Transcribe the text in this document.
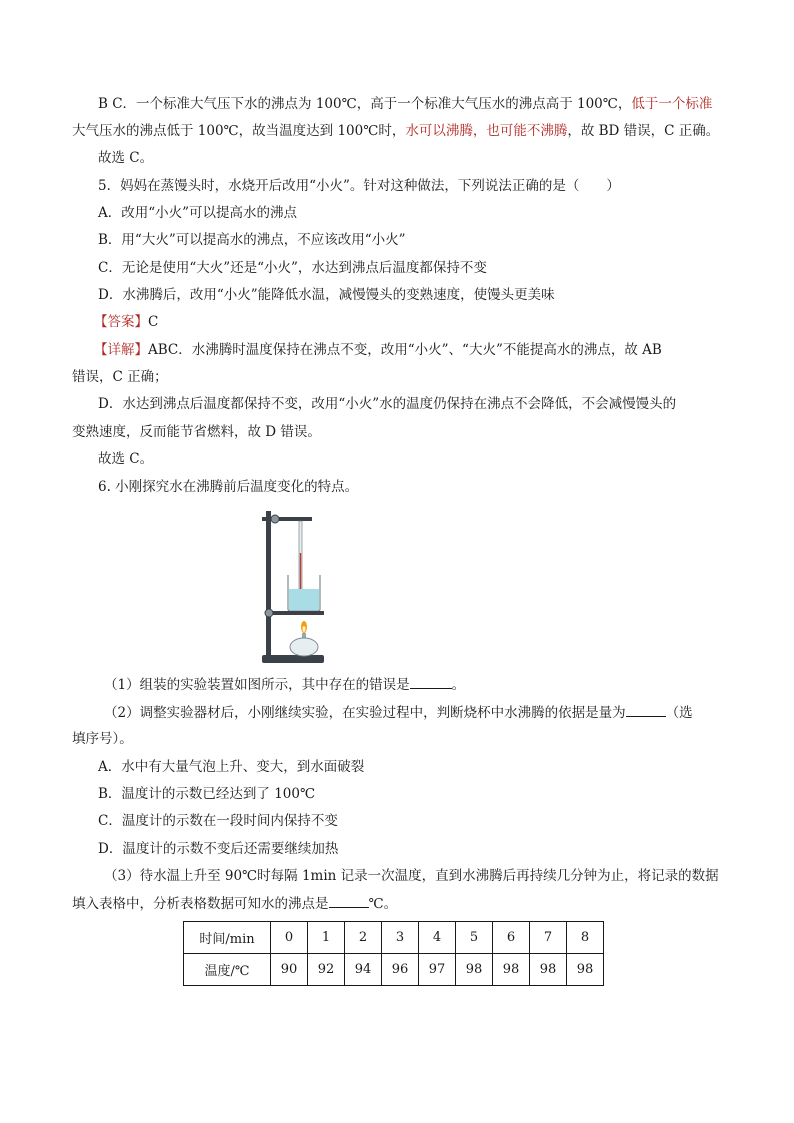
B C．一个标准大气压下水的沸点为 100℃，高于一个标准大气压水的沸点高于 100℃，低于一个标准
大气压水的沸点低于 100℃，故当温度达到 100℃时，水可以沸腾，也可能不沸腾，故 BD 错误，C 正确。
故选 C。
5．妈妈在蒸馒头时，水烧开后改用“小火”。针对这种做法，下列说法正确的是（　　）
A．改用“小火”可以提高水的沸点
B．用“大火”可以提高水的沸点，不应该改用“小火”
C．无论是使用“大火”还是“小火”，水达到沸点后温度都保持不变
D．水沸腾后，改用“小火”能降低水温，减慢馒头的变熟速度，使馒头更美味
【答案】C
【详解】ABC．水沸腾时温度保持在沸点不变，改用“小火”、“大火”不能提高水的沸点，故 AB
错误，C 正确；
D．水达到沸点后温度都保持不变，改用“小火”水的温度仍保持在沸点不会降低，不会减慢馒头的
变熟速度，反而能节省燃料，故 D 错误。
故选 C。
6. 小刚探究水在沸腾前后温度变化的特点。
（1）组装的实验装置如图所示，其中存在的错误是	。
（2）调整实验器材后，小刚继续实验，在实验过程中，判断烧杯中水沸腾的依据是量为	（选
填序号）。
A．水中有大量气泡上升、变大，到水面破裂
B．温度计的示数已经达到了 100℃
C．温度计的示数在一段时间内保持不变
D．温度计的示数不变后还需要继续加热
（3）待水温上升至 90℃时每隔 1min 记录一次温度，直到水沸腾后再持续几分钟为止，将记录的数据
填入表格中，分析表格数据可知水的沸点是	℃。
时间/min	0	1	2	3	4	5	6	7	8
温度/℃	90	92	94	96	97	98	98	98	98
